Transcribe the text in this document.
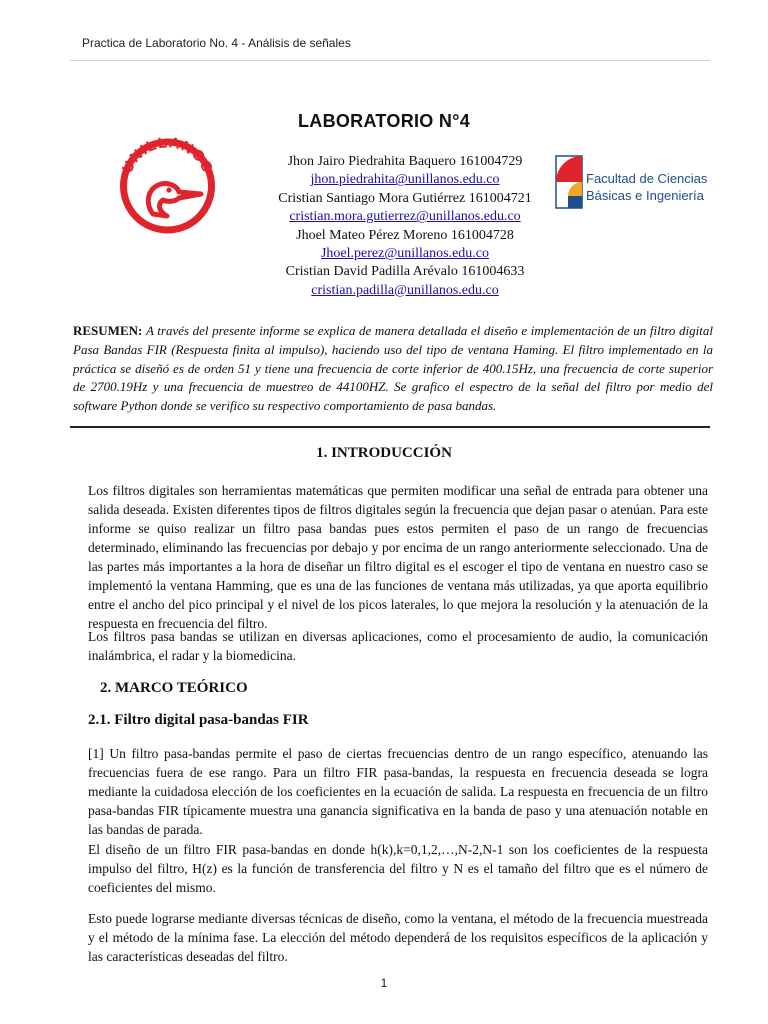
Practica de Laboratorio No. 4 - Análisis de señales
LABORATORIO N°4
UNILLANOS
Facultad de Ciencias
Básicas e Ingeniería
Jhon Jairo Piedrahita Baquero 161004729
jhon.piedrahita@unillanos.edu.co
Cristian Santiago Mora Gutiérrez 161004721
cristian.mora.gutierrez@unillanos.edu.co
Jhoel Mateo Pérez Moreno 161004728
Jhoel.perez@unillanos.edu.co
Cristian David Padilla Arévalo 161004633
cristian.padilla@unillanos.edu.co
RESUMEN: A través del presente informe se explica de manera detallada el diseño e implementación de un filtro digital Pasa Bandas FIR (Respuesta finita al impulso), haciendo uso del tipo de ventana Haming. El filtro implementado en la práctica se diseñó es de orden 51 y tiene una frecuencia de corte inferior de 400.15Hz, una frecuencia de corte superior de 2700.19Hz y una frecuencia de muestreo de 44100HZ. Se grafico el espectro de la señal del filtro por medio del software Python donde se verifico su respectivo comportamiento de pasa bandas.
1. INTRODUCCIÓN
Los filtros digitales son herramientas matemáticas que permiten modificar una señal de entrada para obtener una salida deseada. Existen diferentes tipos de filtros digitales según la frecuencia que dejan pasar o atenúan. Para este informe se quiso realizar un filtro pasa bandas pues estos permiten el paso de un rango de frecuencias determinado, eliminando las frecuencias por debajo y por encima de un rango anteriormente seleccionado. Una de las partes más importantes a la hora de diseñar un filtro digital es el escoger el tipo de ventana en nuestro caso se implementó la ventana Hamming, que es una de las funciones de ventana más utilizadas, ya que aporta equilibrio entre el ancho del pico principal y el nivel de los picos laterales, lo que mejora la resolución y la atenuación de la respuesta en frecuencia del filtro.
Los filtros pasa bandas se utilizan en diversas aplicaciones, como el procesamiento de audio, la comunicación inalámbrica, el radar y la biomedicina.
2. MARCO TEÓRICO
2.1. Filtro digital pasa-bandas FIR
[1] Un filtro pasa-bandas permite el paso de ciertas frecuencias dentro de un rango específico, atenuando las frecuencias fuera de ese rango. Para un filtro FIR pasa-bandas, la respuesta en frecuencia deseada se logra mediante la cuidadosa elección de los coeficientes en la ecuación de salida. La respuesta en frecuencia de un filtro pasa-bandas FIR típicamente muestra una ganancia significativa en la banda de paso y una atenuación notable en las bandas de parada.
El diseño de un filtro FIR pasa-bandas en donde h(k),k=0,1,2,…,N-2,N-1 son los coeficientes de la respuesta impulso del filtro, H(z) es la función de transferencia del filtro y N es el tamaño del filtro que es el número de coeficientes del mismo.
Esto puede lograrse mediante diversas técnicas de diseño, como la ventana, el método de la frecuencia muestreada y el método de la mínima fase. La elección del método dependerá de los requisitos específicos de la aplicación y las características deseadas del filtro.
1
